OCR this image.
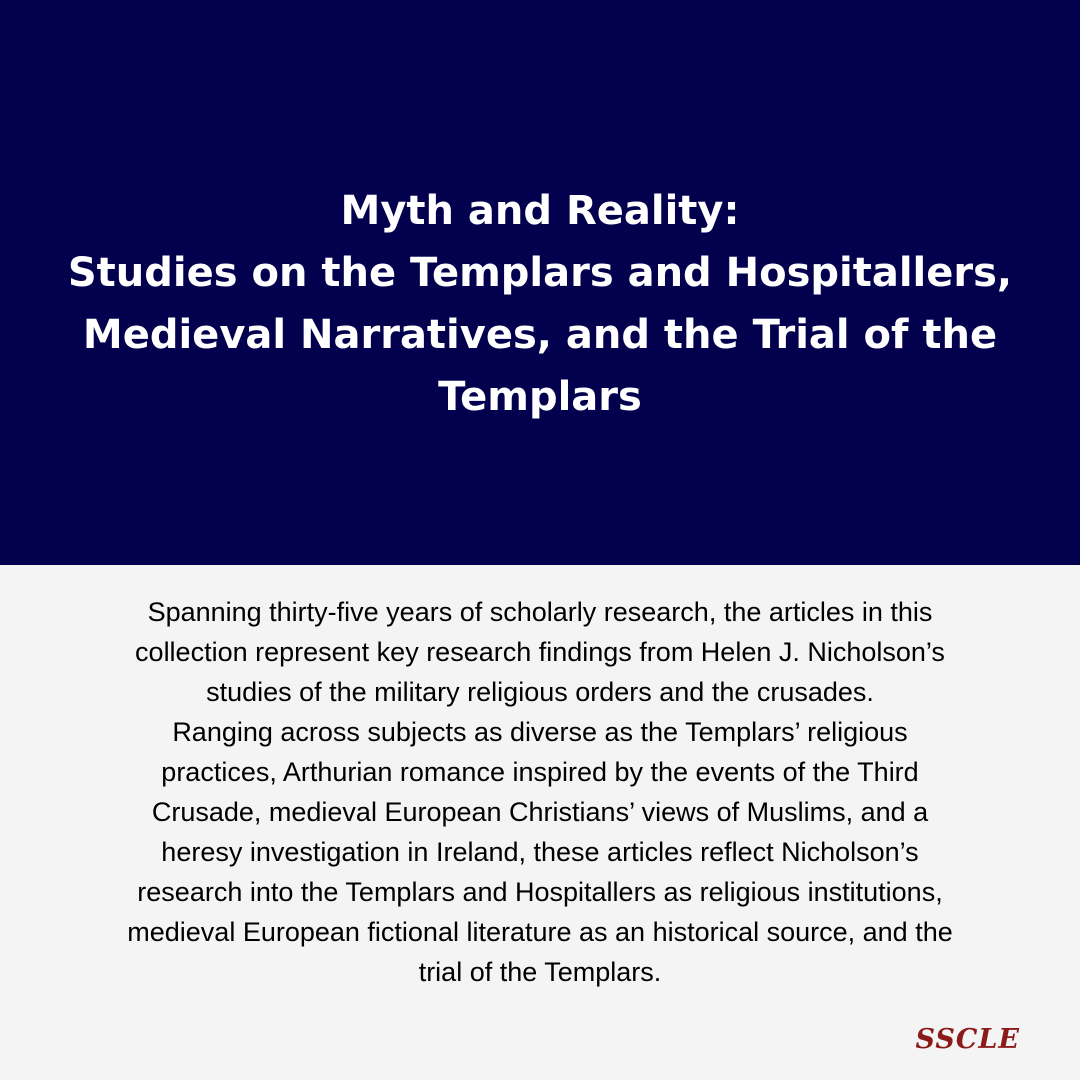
Myth and Reality:
Studies on the Templars and Hospitallers,
Medieval Narratives, and the Trial of the
Templars

Spanning thirty-five years of scholarly research, the articles in this
collection represent key research findings from Helen J. Nicholson’s
studies of the military religious orders and the crusades.
Ranging across subjects as diverse as the Templars’ religious
practices, Arthurian romance inspired by the events of the Third
Crusade, medieval European Christians’ views of Muslims, and a
heresy investigation in Ireland, these articles reflect Nicholson’s
research into the Templars and Hospitallers as religious institutions,
medieval European fictional literature as an historical source, and the
trial of the Templars.

SSCLE
